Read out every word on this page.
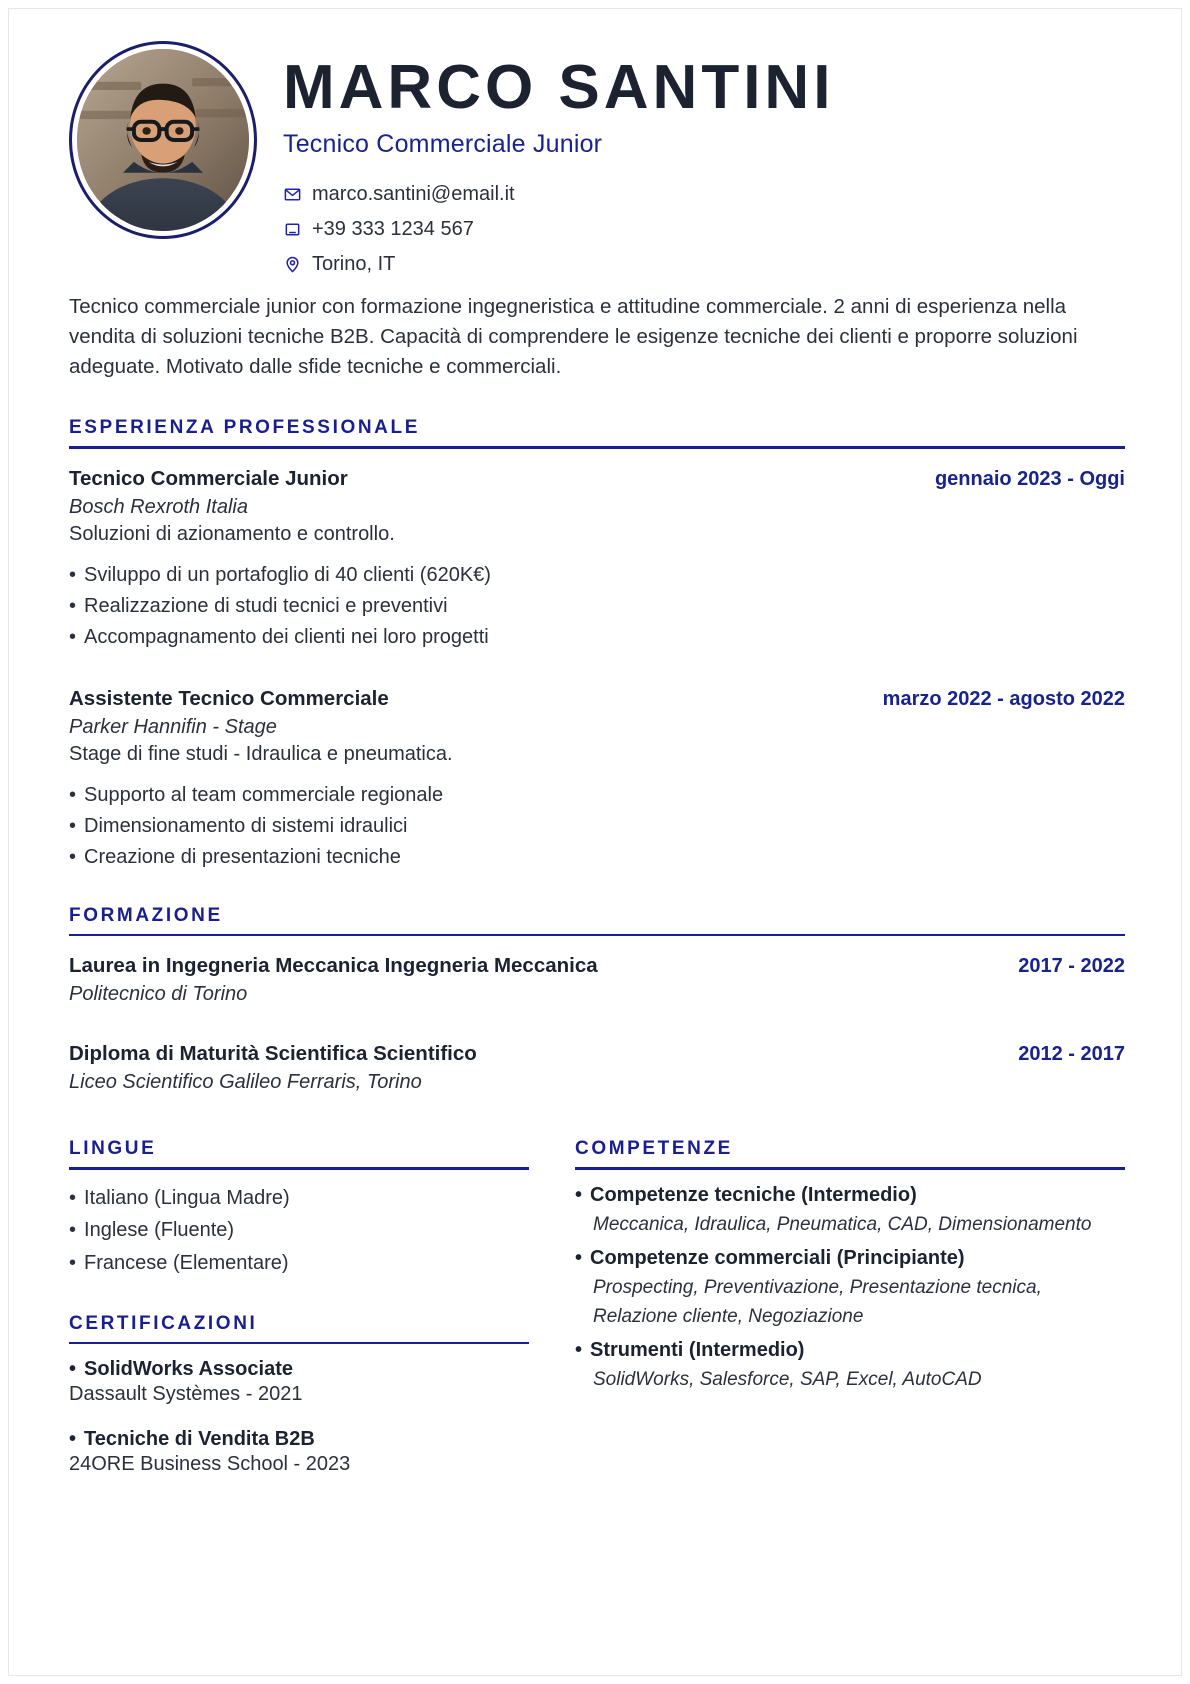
MARCO SANTINI
Tecnico Commerciale Junior
marco.santini@email.it
+39 333 1234 567
Torino, IT
Tecnico commerciale junior con formazione ingegneristica e attitudine commerciale. 2 anni di esperienza nella vendita di soluzioni tecniche B2B. Capacità di comprendere le esigenze tecniche dei clienti e proporre soluzioni adeguate. Motivato dalle sfide tecniche e commerciali.
ESPERIENZA PROFESSIONALE
Tecnico Commerciale Junior	gennaio 2023 - Oggi
Bosch Rexroth Italia
Soluzioni di azionamento e controllo.
• Sviluppo di un portafoglio di 40 clienti (620K€)
• Realizzazione di studi tecnici e preventivi
• Accompagnamento dei clienti nei loro progetti
Assistente Tecnico Commerciale	marzo 2022 - agosto 2022
Parker Hannifin - Stage
Stage di fine studi - Idraulica e pneumatica.
• Supporto al team commerciale regionale
• Dimensionamento di sistemi idraulici
• Creazione di presentazioni tecniche
FORMAZIONE
Laurea in Ingegneria Meccanica Ingegneria Meccanica	2017 - 2022
Politecnico di Torino
Diploma di Maturità Scientifica Scientifico	2012 - 2017
Liceo Scientifico Galileo Ferraris, Torino
LINGUE
• Italiano (Lingua Madre)
• Inglese (Fluente)
• Francese (Elementare)
CERTIFICAZIONI
• SolidWorks Associate
Dassault Systèmes - 2021
• Tecniche di Vendita B2B
24ORE Business School - 2023
COMPETENZE
• Competenze tecniche (Intermedio)
Meccanica, Idraulica, Pneumatica, CAD, Dimensionamento
• Competenze commerciali (Principiante)
Prospecting, Preventivazione, Presentazione tecnica, Relazione cliente, Negoziazione
• Strumenti (Intermedio)
SolidWorks, Salesforce, SAP, Excel, AutoCAD
